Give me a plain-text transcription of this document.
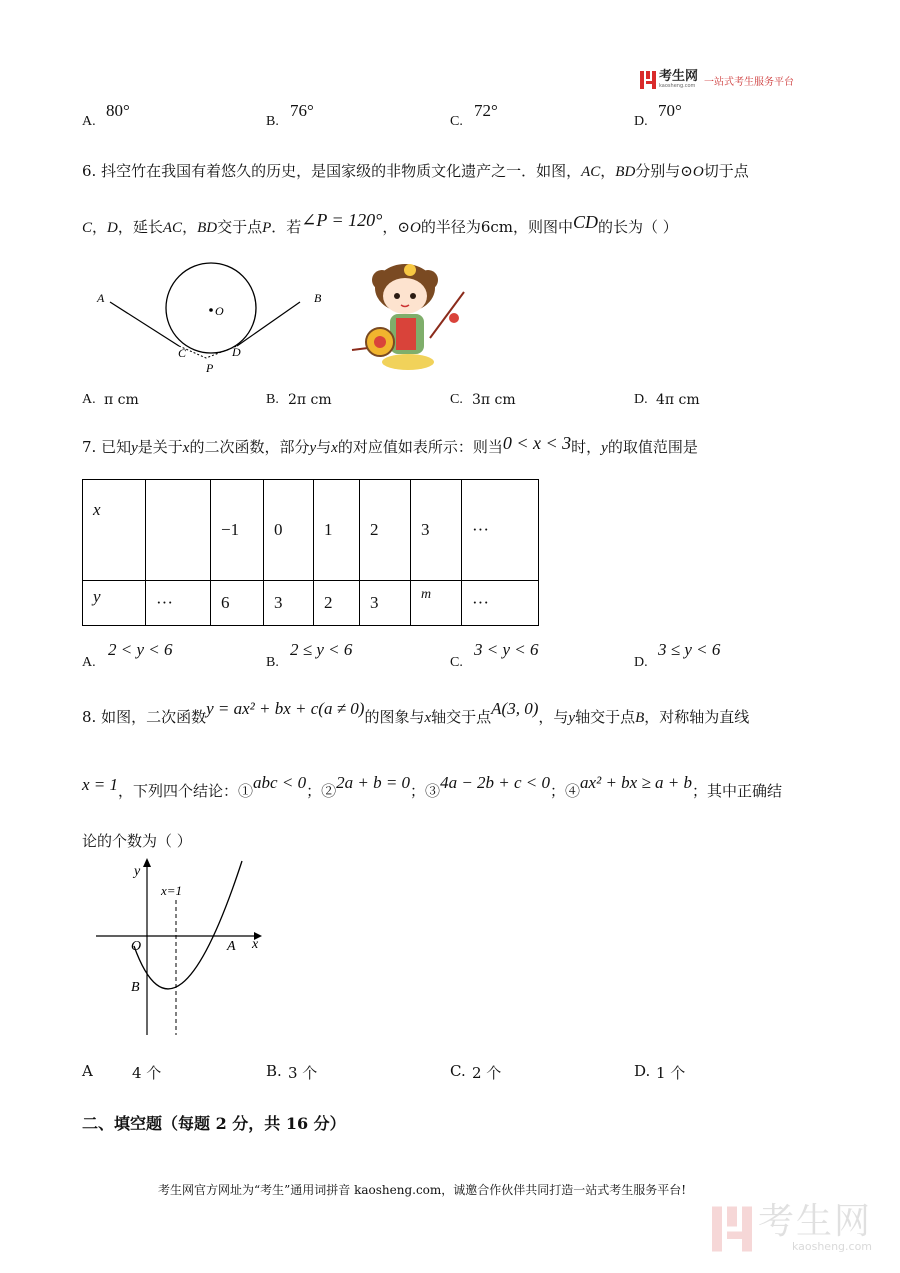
考生网
kaosheng.com 一站式考生服务平台
A.
80°
B.
76°
C.
72°
D.
70°
6. 抖空竹在我国有着悠久的历史，是国家级的非物质文化遗产之一．如图，AC，BD分别与⊙O切于点
C，D，延长AC，BD交于点P．若∠P = 120°，⊙O的半径为6cm，则图中CD的长为（ ）
A	B
O
C	D
P
A. π cm	B. 2π cm	C. 3π cm	D. 4π cm
7. 已知y是关于x的二次函数，部分y与x的对应值如表所示：则当0 < x < 3时，y的取值范围是
x		−1	0	1	2	3	···
y	···	6	3	2	3	m	···
A.
2 < y < 6
B.
2 ≤ y < 6
C.
3 < y < 6
D.
3 ≤ y < 6
8. 如图，二次函数y = ax² + bx + c(a ≠ 0)的图象与x轴交于点A(3, 0)，与y轴交于点B，对称轴为直线
x = 1，下列四个结论：①abc < 0；②2a + b = 0；③4a − 2b + c < 0；④ax² + bx ≥ a + b；其中正确结
论的个数为（ ）
y
x
x=1
O	A
B
A	4 个	B. 3 个	C. 2 个	D. 1 个
二、填空题（每题 2 分，共 16 分）
考生网官方网址为“考生”通用词拼音 kaosheng.com，诚邀合作伙伴共同打造一站式考生服务平台!
考生网
kaosheng.com
